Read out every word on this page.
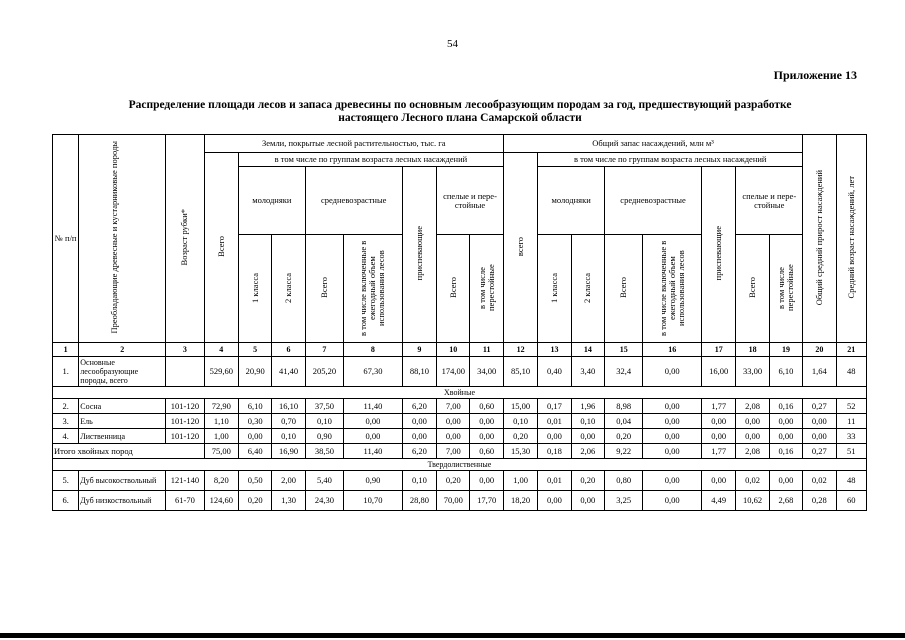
54
Приложение 13
Распределение площади лесов и запаса древесины по основным лесообразующим породам за год, предшествующий разработке
настоящего Лесного плана Самарской области
№ п/п	Преобладающие древесные и кустарниковые породы	Возраст рубки*	Земли, покрытые лесной растительностью, тыс. га								Общий запас насаждений, млн м³								Общий средний прирост насаждений	Средний возраст насаждений, лет
			Всего	в том числе по группам возраста лесных насаждений							всего	в том числе по группам возраста лесных насаждений								
				молодняки		средневозрастные		приспевающие	спелые и пере-стойные			молодняки		средневозрастные		приспевающие	спелые и пере-стойные			
				1 класса	2 класса	Всего	в том числе включенные в ежегодный объем использования лесов		Всего	в том числе перестойные		1 класса	2 класса	Всего	в том числе включенные в ежегодный объем использования лесов		Всего	в том числе перестойные		
1	2	3	4	5	6	7	8	9	10	11	12	13	14	15	16	17	18	19	20	21
1.	Основные лесообразующие породы, всего		529,60	20,90	41,40	205,20	67,30	88,10	174,00	34,00	85,10	0,40	3,40	32,4	0,00	16,00	33,00	6,10	1,64	48
Хвойные																				
2.	Сосна	101-120	72,90	6,10	16,10	37,50	11,40	6,20	7,00	0,60	15,00	0,17	1,96	8,98	0,00	1,77	2,08	0,16	0,27	52
3.	Ель	101-120	1,10	0,30	0,70	0,10	0,00	0,00	0,00	0,00	0,10	0,01	0,10	0,04	0,00	0,00	0,00	0,00	0,00	11
4.	Лиственница	101-120	1,00	0,00	0,10	0,90	0,00	0,00	0,00	0,00	0,20	0,00	0,00	0,20	0,00	0,00	0,00	0,00	0,00	33
Итого хвойных пород			75,00	6,40	16,90	38,50	11,40	6,20	7,00	0,60	15,30	0,18	2,06	9,22	0,00	1,77	2,08	0,16	0,27	51
Твердолиственные																				
5.	Дуб высокоствольный	121-140	8,20	0,50	2,00	5,40	0,90	0,10	0,20	0,00	1,00	0,01	0,20	0,80	0,00	0,00	0,02	0,00	0,02	48
6.	Дуб низкоствольный	61-70	124,60	0,20	1,30	24,30	10,70	28,80	70,00	17,70	18,20	0,00	0,00	3,25	0,00	4,49	10,62	2,68	0,28	60
